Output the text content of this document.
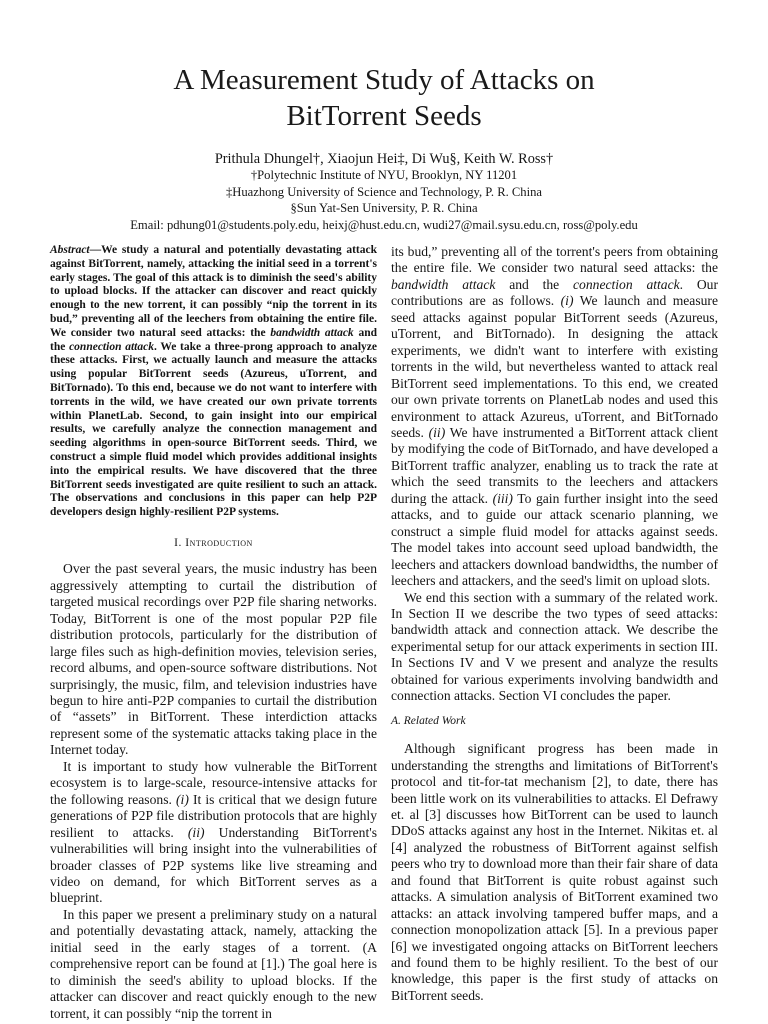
A Measurement Study of Attacks on
BitTorrent Seeds
Prithula Dhungel†, Xiaojun Hei‡, Di Wu§, Keith W. Ross†
†Polytechnic Institute of NYU, Brooklyn, NY 11201
‡Huazhong University of Science and Technology, P. R. China
§Sun Yat-Sen University, P. R. China
Email: pdhung01@students.poly.edu, heixj@hust.edu.cn, wudi27@mail.sysu.edu.cn, ross@poly.edu

Abstract—We study a natural and potentially devastating attack against BitTorrent, namely, attacking the initial seed in a torrent's early stages. The goal of this attack is to diminish the seed's ability to upload blocks. If the attacker can discover and react quickly enough to the new torrent, it can possibly “nip the torrent in its bud,” preventing all of the leechers from obtaining the entire file. We consider two natural seed attacks: the bandwidth attack and the connection attack. We take a three-prong approach to analyze these attacks. First, we actually launch and measure the attacks using popular BitTorrent seeds (Azureus, uTorrent, and BitTornado). To this end, because we do not want to interfere with torrents in the wild, we have created our own private torrents within PlanetLab. Second, to gain insight into our empirical results, we carefully analyze the connection management and seeding algorithms in open-source BitTorrent seeds. Third, we construct a simple fluid model which provides additional insights into the empirical results. We have discovered that the three BitTorrent seeds investigated are quite resilient to such an attack. The observations and conclusions in this paper can help P2P developers design highly-resilient P2P systems.

I. Introduction

Over the past several years, the music industry has been aggressively attempting to curtail the distribution of targeted musical recordings over P2P file sharing networks. Today, BitTorrent is one of the most popular P2P file distribution protocols, particularly for the distribution of large files such as high-definition movies, television series, record albums, and open-source software distributions. Not surprisingly, the music, film, and television industries have begun to hire anti-P2P companies to curtail the distribution of “assets” in BitTorrent. These interdiction attacks represent some of the systematic attacks taking place in the Internet today.

It is important to study how vulnerable the BitTorrent ecosystem is to large-scale, resource-intensive attacks for the following reasons. (i) It is critical that we design future generations of P2P file distribution protocols that are highly resilient to attacks. (ii) Understanding BitTorrent's vulnerabilities will bring insight into the vulnerabilities of broader classes of P2P systems like live streaming and video on demand, for which BitTorrent serves as a blueprint.

In this paper we present a preliminary study on a natural and potentially devastating attack, namely, attacking the initial seed in the early stages of a torrent. (A comprehensive report can be found at [1].) The goal here is to diminish the seed's ability to upload blocks. If the attacker can discover and react quickly enough to the new torrent, it can possibly “nip the torrent in

its bud,” preventing all of the torrent's peers from obtaining the entire file. We consider two natural seed attacks: the bandwidth attack and the connection attack. Our contributions are as follows. (i) We launch and measure seed attacks against popular BitTorrent seeds (Azureus, uTorrent, and BitTornado). In designing the attack experiments, we didn't want to interfere with existing torrents in the wild, but nevertheless wanted to attack real BitTorrent seed implementations. To this end, we created our own private torrents on PlanetLab nodes and used this environment to attack Azureus, uTorrent, and BitTornado seeds. (ii) We have instrumented a BitTorrent attack client by modifying the code of BitTornado, and have developed a BitTorrent traffic analyzer, enabling us to track the rate at which the seed transmits to the leechers and attackers during the attack. (iii) To gain further insight into the seed attacks, and to guide our attack scenario planning, we construct a simple fluid model for attacks against seeds. The model takes into account seed upload bandwidth, the leechers and attackers download bandwidths, the number of leechers and attackers, and the seed's limit on upload slots.

We end this section with a summary of the related work. In Section II we describe the two types of seed attacks: bandwidth attack and connection attack. We describe the experimental setup for our attack experiments in section III. In Sections IV and V we present and analyze the results obtained for various experiments involving bandwidth and connection attacks. Section VI concludes the paper.

A. Related Work

Although significant progress has been made in understanding the strengths and limitations of BitTorrent's protocol and tit-for-tat mechanism [2], to date, there has been little work on its vulnerabilities to attacks. El Defrawy et. al [3] discusses how BitTorrent can be used to launch DDoS attacks against any host in the Internet. Nikitas et. al [4] analyzed the robustness of BitTorrent against selfish peers who try to download more than their fair share of data and found that BitTorrent is quite robust against such attacks. A simulation analysis of BitTorrent examined two attacks: an attack involving tampered buffer maps, and a connection monopolization attack [5]. In a previous paper [6] we investigated ongoing attacks on BitTorrent leechers and found them to be highly resilient. To the best of our knowledge, this paper is the first study of attacks on BitTorrent seeds.
